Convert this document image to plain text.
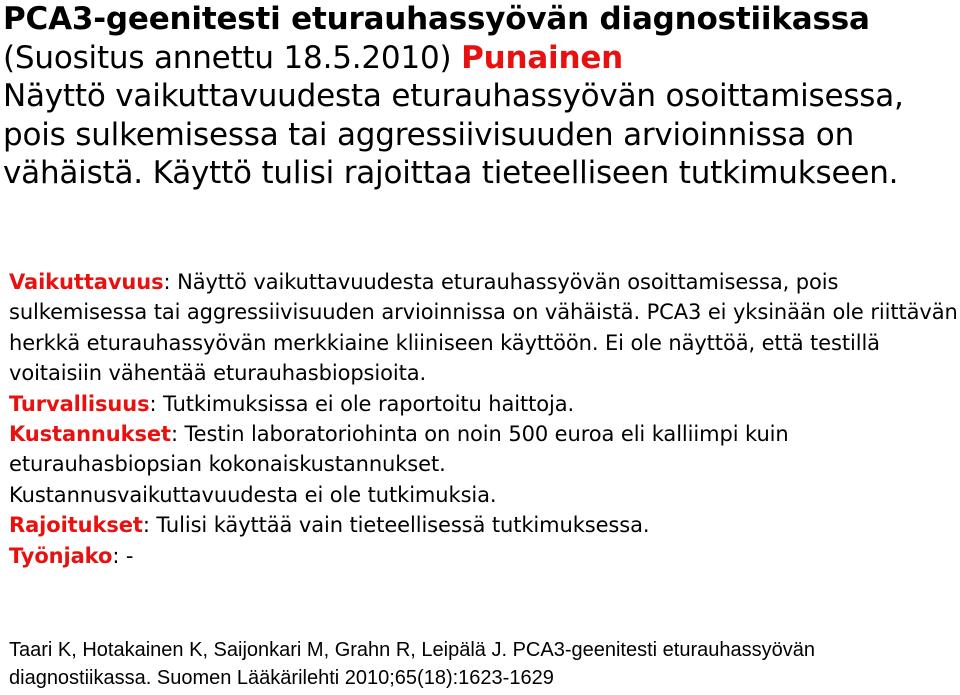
PCA3-geenitesti eturauhassyövän diagnostiikassa
(Suositus annettu 18.5.2010) Punainen
Näyttö vaikuttavuudesta eturauhassyövän osoittamisessa, pois sulkemisessa tai aggressiivisuuden arvioinnissa on vähäistä. Käyttö tulisi rajoittaa tieteelliseen tutkimukseen.

Vaikuttavuus: Näyttö vaikuttavuudesta eturauhassyövän osoittamisessa, pois sulkemisessa tai aggressiivisuuden arvioinnissa on vähäistä. PCA3 ei yksinään ole riittävän herkkä eturauhassyövän merkkiaine kliiniseen käyttöön. Ei ole näyttöä, että testillä voitaisiin vähentää eturauhasbiopsioita.

Turvallisuus: Tutkimuksissa ei ole raportoitu haittoja.

Kustannukset: Testin laboratoriohinta on noin 500 euroa eli kalliimpi kuin eturauhasbiopsian kokonaiskustannukset.

Kustannusvaikuttavuudesta ei ole tutkimuksia.

Rajoitukset: Tulisi käyttää vain tieteellisessä tutkimuksessa.

Työnjako: -

Taari K, Hotakainen K, Saijonkari M, Grahn R, Leipälä J. PCA3-geenitesti eturauhassyövän diagnostiikassa. Suomen Lääkärilehti 2010;65(18):1623-1629
